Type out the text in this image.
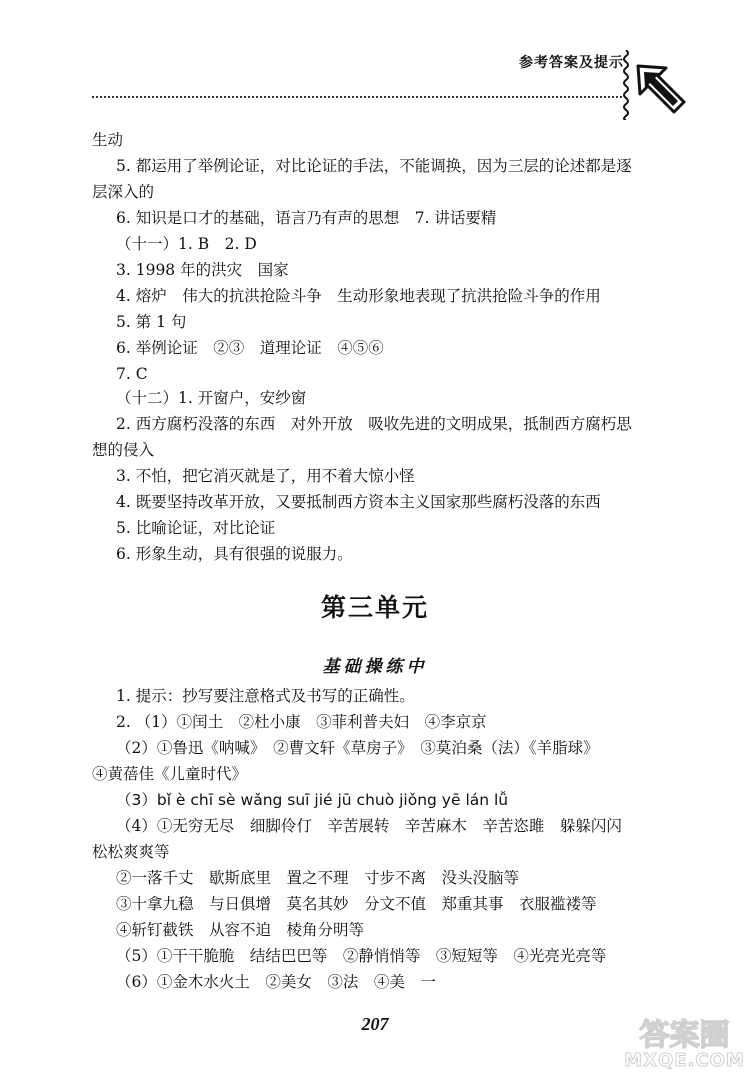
参考答案及提示
生动
5. 都运用了举例论证，对比论证的手法，不能调换，因为三层的论述都是逐
层深入的
6. 知识是口才的基础，语言乃有声的思想　7. 讲话要精
（十一）1. B　2. D
3. 1998 年的洪灾　国家
4. 熔炉　伟大的抗洪抢险斗争　生动形象地表现了抗洪抢险斗争的作用
5. 第 1 句
6. 举例论证　②③　道理论证　④⑤⑥
7. C
（十二）1. 开窗户，安纱窗
2. 西方腐朽没落的东西　对外开放　吸收先进的文明成果，抵制西方腐朽思
想的侵入
3. 不怕，把它消灭就是了，用不着大惊小怪
4. 既要坚持改革开放，又要抵制西方资本主义国家那些腐朽没落的东西
5. 比喻论证，对比论证
6. 形象生动，具有很强的说服力。
第三单元
基础操练中
1. 提示：抄写要注意格式及书写的正确性。
2. （1）①闰土　②杜小康　③菲利普夫妇　④李京京
（2）①鲁迅《呐喊》　②曹文轩《草房子》　③莫泊桑（法）《羊脂球》
④黄蓓佳《儿童时代》
（3）bǐ è chī sè wǎng suī jié jū chuò jiǒng yē lán lǚ
（4）①无穷无尽　细脚伶仃　辛苦展转　辛苦麻木　辛苦恣雎　躲躲闪闪
松松爽爽等
②一落千丈　歇斯底里　置之不理　寸步不离　没头没脑等
③十拿九稳　与日俱增　莫名其妙　分文不值　郑重其事　衣服褴褛等
④斩钉截铁　从容不迫　棱角分明等
（5）①干干脆脆　结结巴巴等　②静悄悄等　③短短等　④光亮光亮等
（6）①金木水火土　②美女　③法　④美　一
207	答案圈
MXQE.COM
